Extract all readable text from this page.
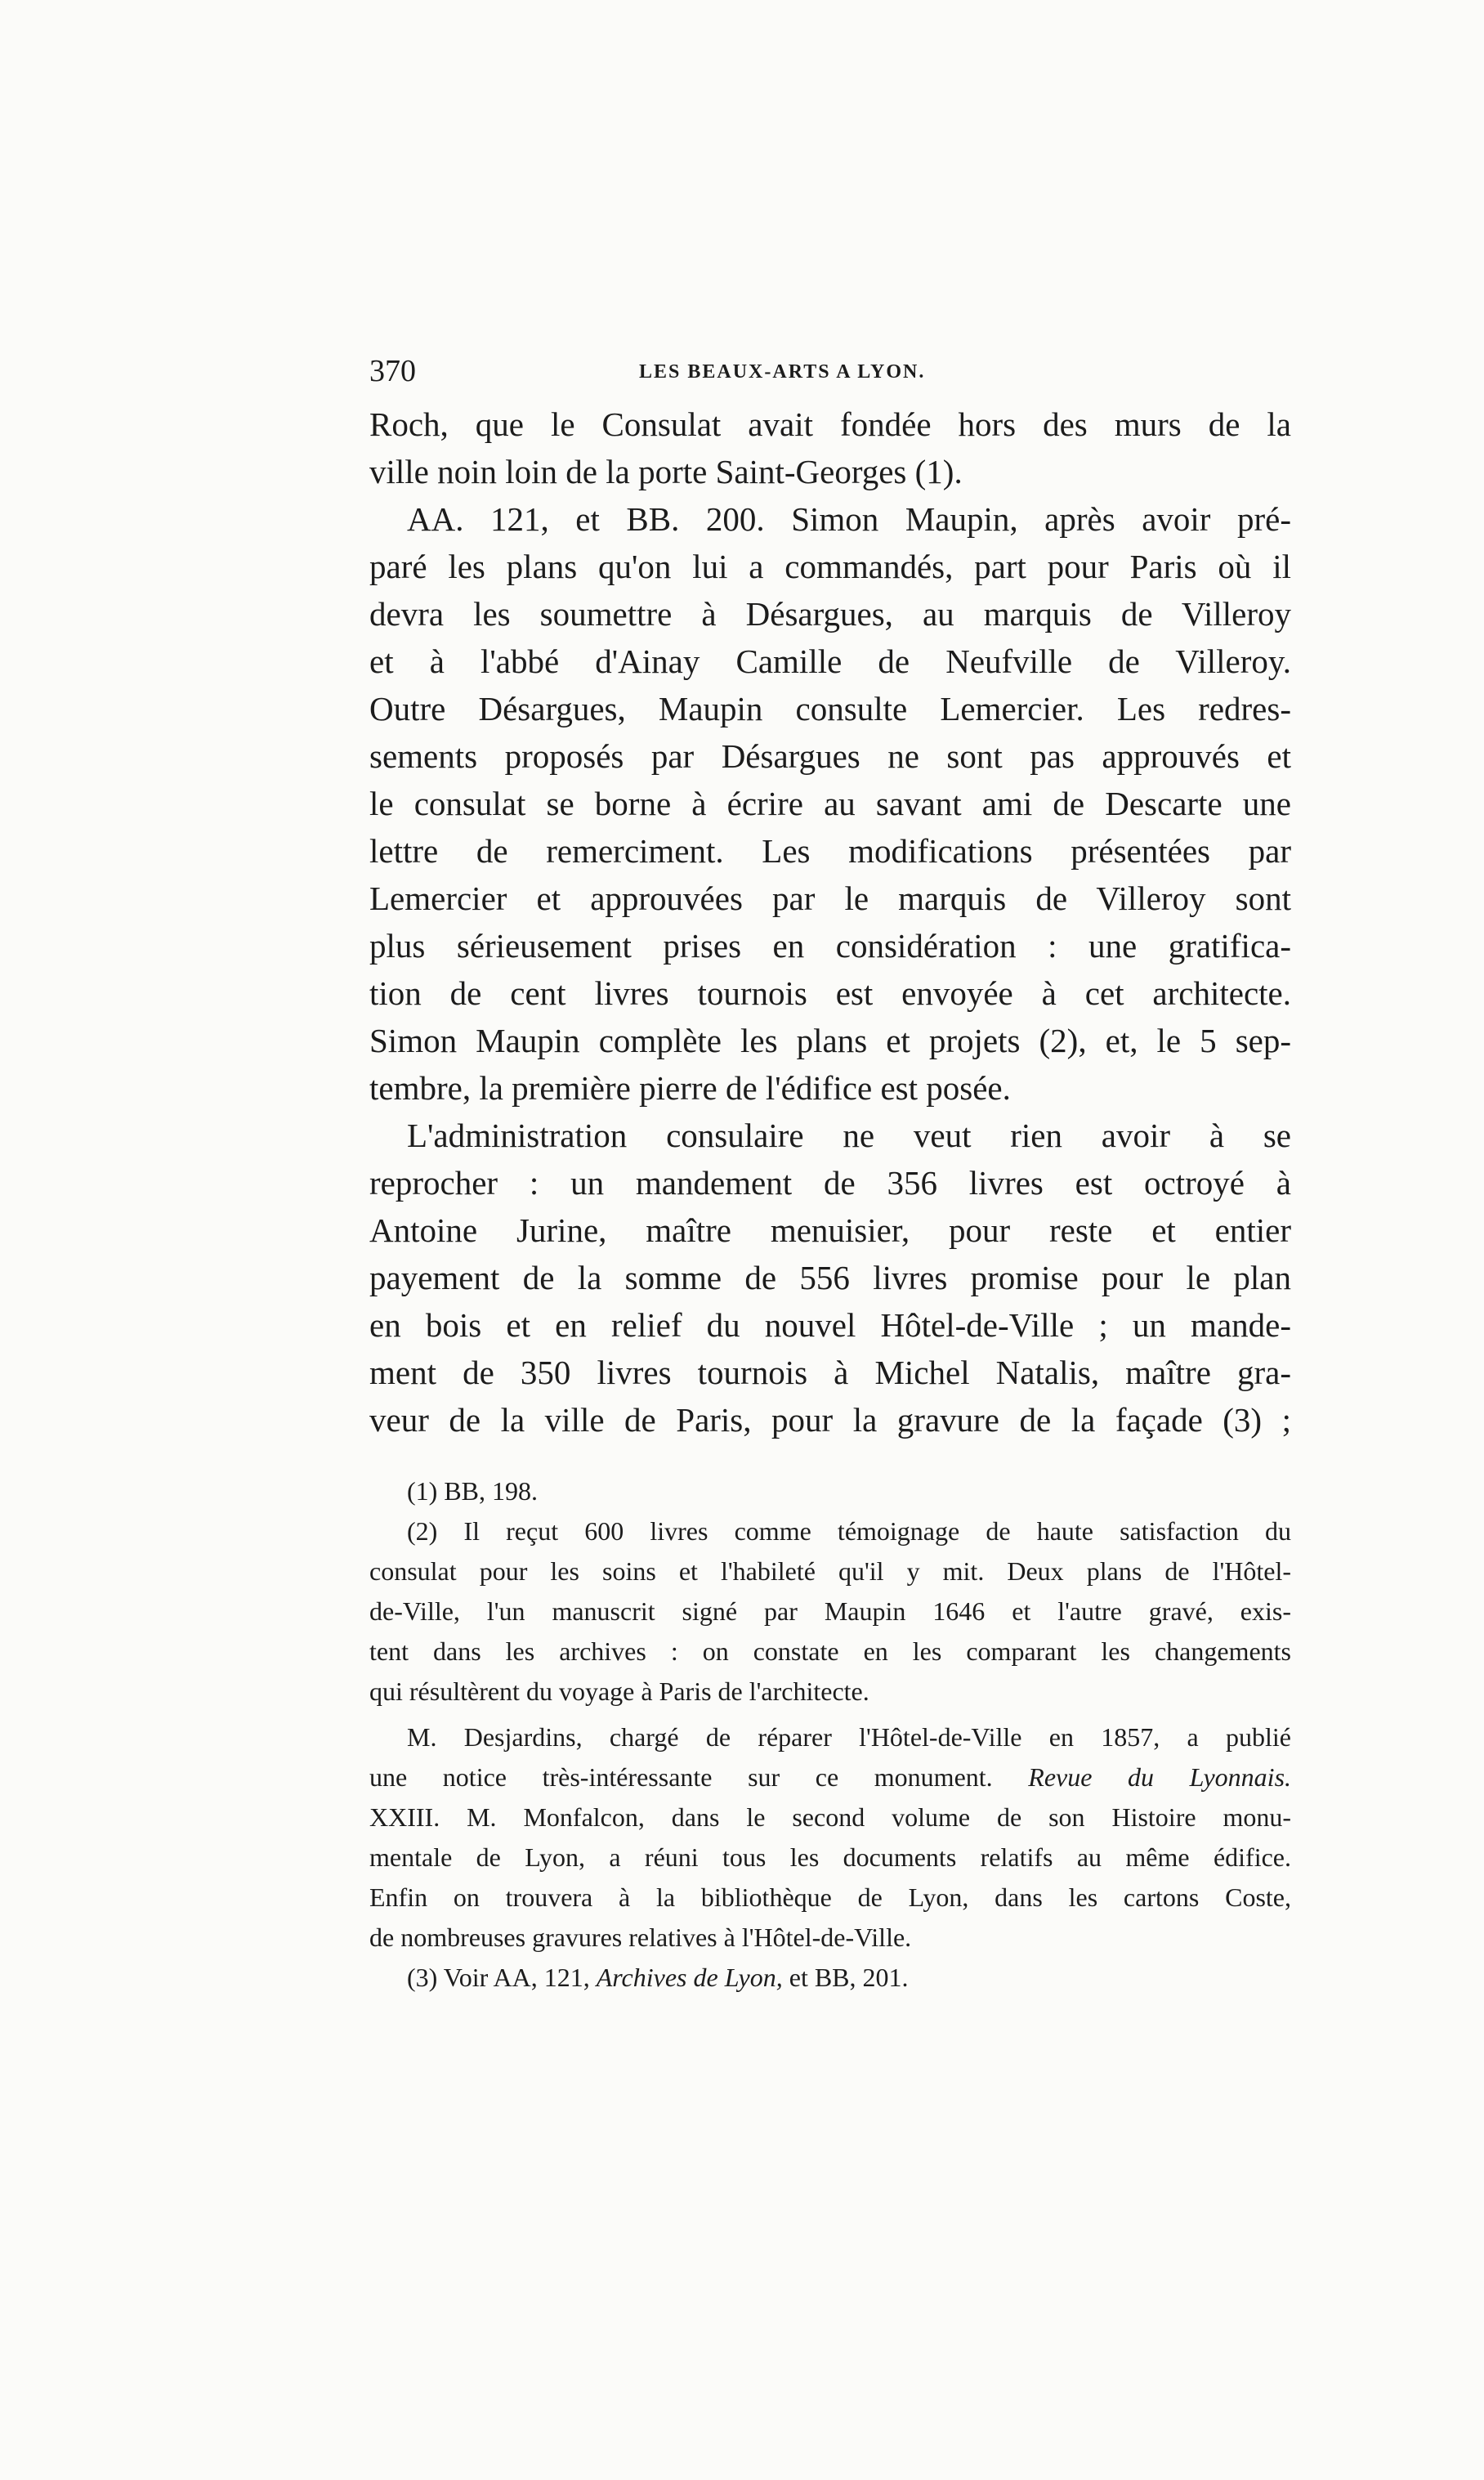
370	LES BEAUX-ARTS A LYON.
Roch, que le Consulat avait fondée hors des murs de la
ville noin loin de la porte Saint-Georges (1).
AA. 121, et BB. 200. Simon Maupin, après avoir pré-
paré les plans qu'on lui a commandés, part pour Paris où il
devra les soumettre à Désargues, au marquis de Villeroy
et à l'abbé d'Ainay Camille de Neufville de Villeroy.
Outre Désargues, Maupin consulte Lemercier. Les redres-
sements proposés par Désargues ne sont pas approuvés et
le consulat se borne à écrire au savant ami de Descarte une
lettre de remerciment. Les modifications présentées par
Lemercier et approuvées par le marquis de Villeroy sont
plus sérieusement prises en considération : une gratifica-
tion de cent livres tournois est envoyée à cet architecte.
Simon Maupin complète les plans et projets (2), et, le 5 sep-
tembre, la première pierre de l'édifice est posée.
L'administration consulaire ne veut rien avoir à se
reprocher : un mandement de 356 livres est octroyé à
Antoine Jurine, maître menuisier, pour reste et entier
payement de la somme de 556 livres promise pour le plan
en bois et en relief du nouvel Hôtel-de-Ville ; un mande-
ment de 350 livres tournois à Michel Natalis, maître gra-
veur de la ville de Paris, pour la gravure de la façade (3) ;
(1) BB, 198.
(2) Il reçut 600 livres comme témoignage de haute satisfaction du
consulat pour les soins et l'habileté qu'il y mit. Deux plans de l'Hôtel-
de-Ville, l'un manuscrit signé par Maupin 1646 et l'autre gravé, exis-
tent dans les archives : on constate en les comparant les changements
qui résultèrent du voyage à Paris de l'architecte.
M. Desjardins, chargé de réparer l'Hôtel-de-Ville en 1857, a publié
une notice très-intéressante sur ce monument. Revue du Lyonnais.
XXIII. M. Monfalcon, dans le second volume de son Histoire monu-
mentale de Lyon, a réuni tous les documents relatifs au même édifice.
Enfin on trouvera à la bibliothèque de Lyon, dans les cartons Coste,
de nombreuses gravures relatives à l'Hôtel-de-Ville.
(3) Voir AA, 121, Archives de Lyon, et BB, 201.
